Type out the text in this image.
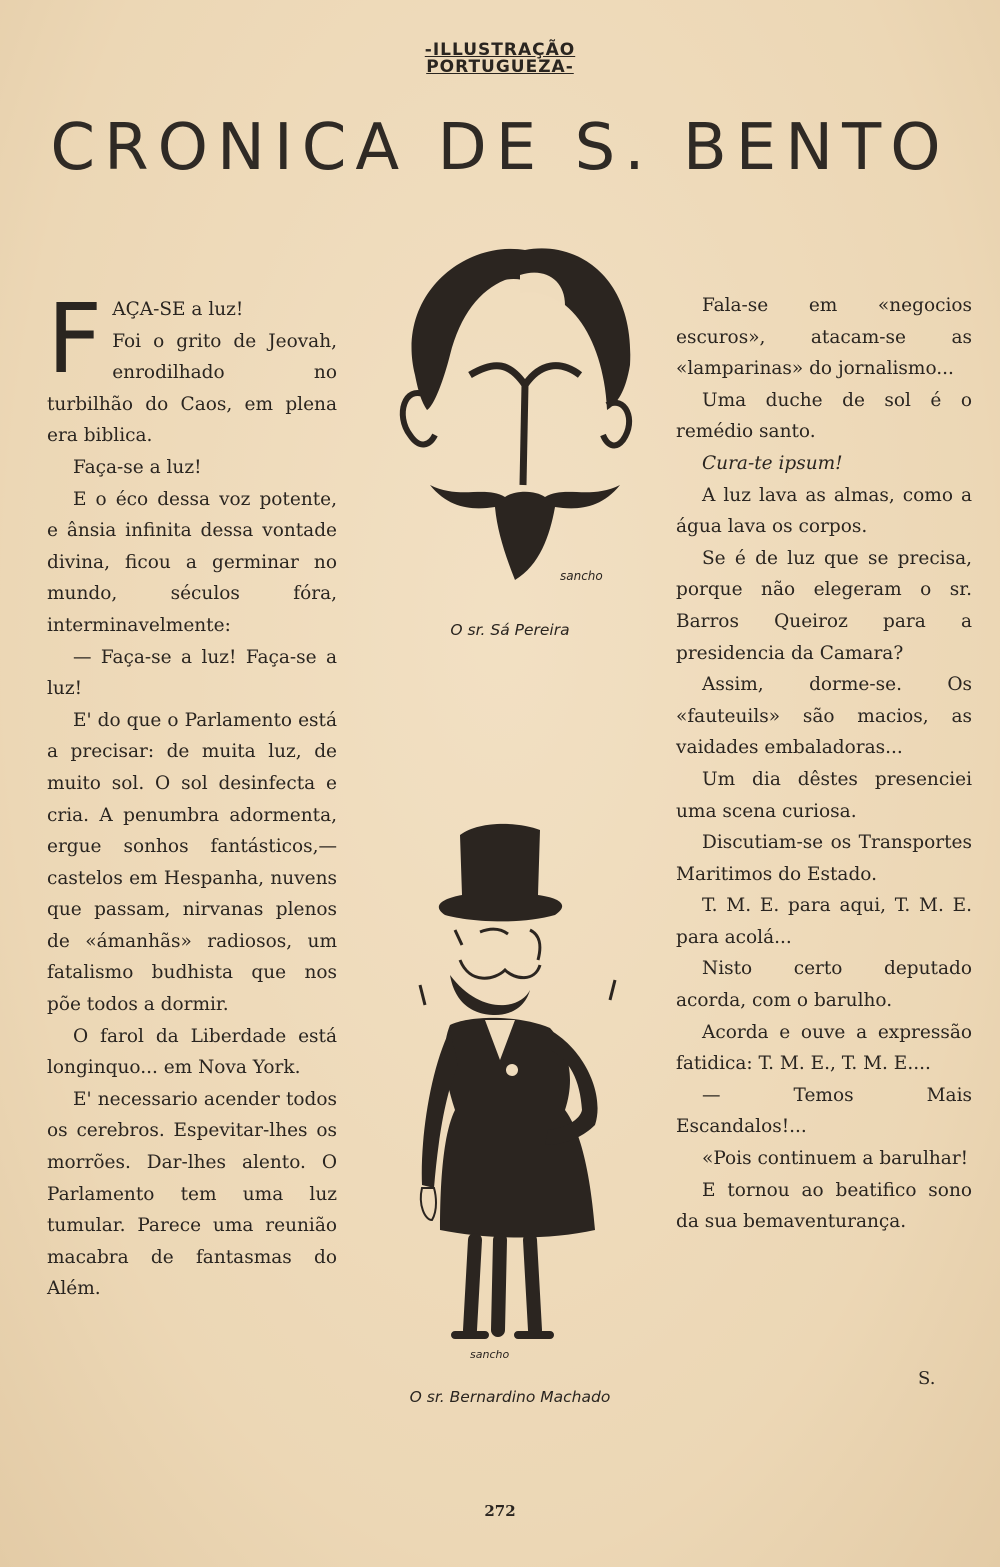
-ILLUSTRAÇÃO
PORTUGUEZA-
CRONICA DE S. BENTO

FAÇA-SE a luz!

Foi o grito de Jeovah, enrodilhado no turbilhão do Caos, em plena era biblica.

Faça-se a luz!

E o éco dessa voz potente, e ânsia infinita dessa vontade divina, ficou a germinar no mundo, séculos fóra, interminavelmente:

— Faça-se a luz! Faça-se a luz!

E' do que o Parlamento está a precisar: de muita luz, de muito sol. O sol desinfecta e cria. A penumbra adormenta, ergue sonhos fantásticos,— castelos em Hespanha, nuvens que passam, nirvanas plenos de «ámanhãs» radiosos, um fatalismo budhista que nos põe todos a dormir.

O farol da Liberdade está longinquo... em Nova York.

E' necessario acender todos os cerebros. Espevitar-lhes os morrões. Dar-lhes alento. O Parlamento tem uma luz tumular. Parece uma reunião macabra de fantasmas do Além.

sancho
O sr. Sá Pereira
sancho
O sr. Bernardino Machado

Fala-se em «negocios escuros», atacam-se as «lamparinas» do jornalismo...

Uma duche de sol é o remédio santo.

Cura-te ipsum!

A luz lava as almas, como a água lava os corpos.

Se é de luz que se precisa, porque não elegeram o sr. Barros Queiroz para a presidencia da Camara?

Assim, dorme-se. Os «fauteuils» são macios, as vaidades embaladoras...

Um dia dêstes presenciei uma scena curiosa.

Discutiam-se os Transportes Maritimos do Estado.

T. M. E. para aqui, T. M. E. para acolá...

Nisto certo deputado acorda, com o barulho.

Acorda e ouve a expressão fatidica: T. M. E., T. M. E....

— Temos Mais Escandalos!...

«Pois continuem a barulhar!

E tornou ao beatifico sono da sua bemaventurança.

S.
272
